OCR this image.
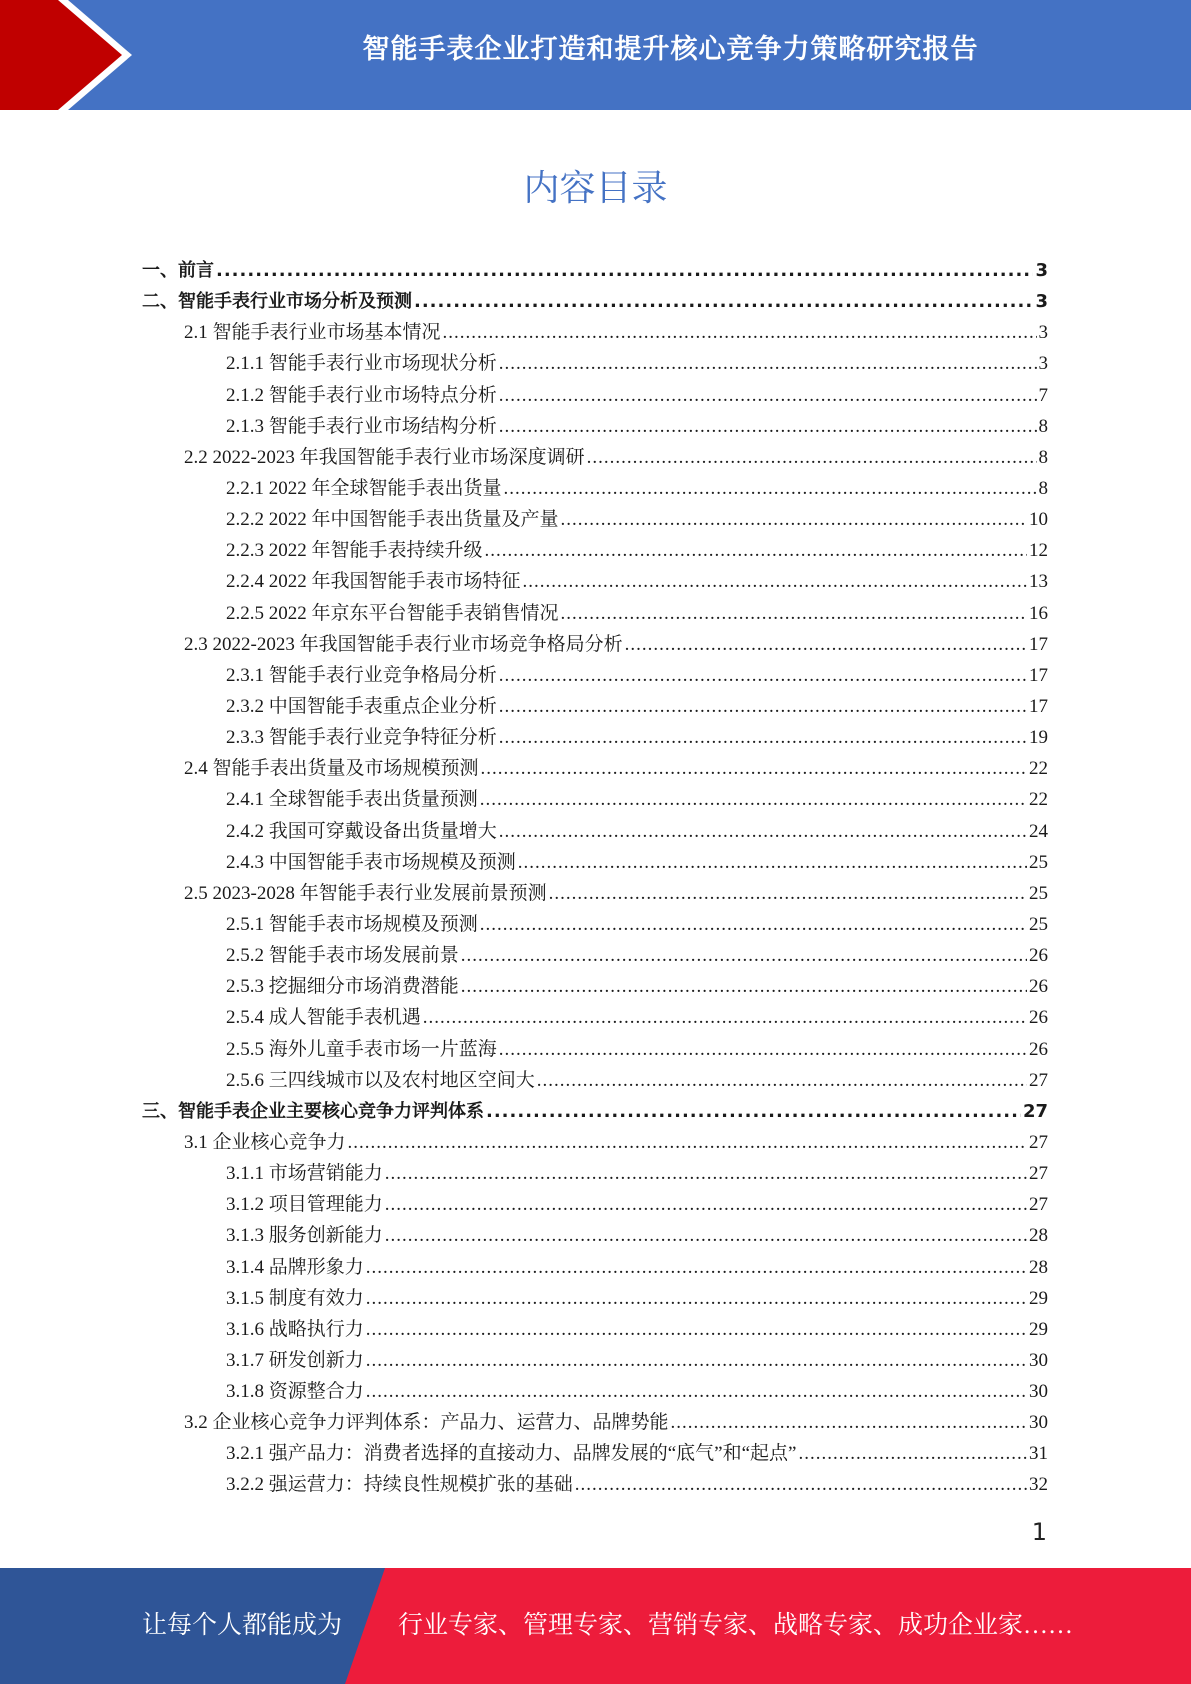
智能手表企业打造和提升核心竞争力策略研究报告
内容目录
一、前言 .....	3
二、智能手表行业市场分析及预测 .....	3
2.1 智能手表行业市场基本情况 .....	3
2.1.1 智能手表行业市场现状分析 .....	3
2.1.2 智能手表行业市场特点分析 .....	7
2.1.3 智能手表行业市场结构分析 .....	8
2.2 2022-2023 年我国智能手表行业市场深度调研 .....	8
2.2.1 2022 年全球智能手表出货量 .....	8
2.2.2 2022 年中国智能手表出货量及产量 .....	10
2.2.3 2022 年智能手表持续升级 .....	12
2.2.4 2022 年我国智能手表市场特征 .....	13
2.2.5 2022 年京东平台智能手表销售情况 .....	16
2.3 2022-2023 年我国智能手表行业市场竞争格局分析 .....	17
2.3.1 智能手表行业竞争格局分析 .....	17
2.3.2 中国智能手表重点企业分析 .....	17
2.3.3 智能手表行业竞争特征分析 .....	19
2.4 智能手表出货量及市场规模预测 .....	22
2.4.1 全球智能手表出货量预测 .....	22
2.4.2 我国可穿戴设备出货量增大 .....	24
2.4.3 中国智能手表市场规模及预测 .....	25
2.5 2023-2028 年智能手表行业发展前景预测 .....	25
2.5.1 智能手表市场规模及预测 .....	25
2.5.2 智能手表市场发展前景 .....	26
2.5.3 挖掘细分市场消费潜能 .....	26
2.5.4 成人智能手表机遇 .....	26
2.5.5 海外儿童手表市场一片蓝海 .....	26
2.5.6 三四线城市以及农村地区空间大 .....	27
三、智能手表企业主要核心竞争力评判体系 .....	27
3.1 企业核心竞争力 .....	27
3.1.1 市场营销能力 .....	27
3.1.2 项目管理能力 .....	27
3.1.3 服务创新能力 .....	28
3.1.4 品牌形象力 .....	28
3.1.5 制度有效力 .....	29
3.1.6 战略执行力 .....	29
3.1.7 研发创新力 .....	30
3.1.8 资源整合力 .....	30
3.2 企业核心竞争力评判体系：产品力、运营力、品牌势能 .....	30
3.2.1 强产品力：消费者选择的直接动力、品牌发展的“底气”和“起点” .....	31
3.2.2 强运营力：持续良性规模扩张的基础 .....	32
1
让每个人都能成为 行业专家、管理专家、营销专家、战略专家、成功企业家……
